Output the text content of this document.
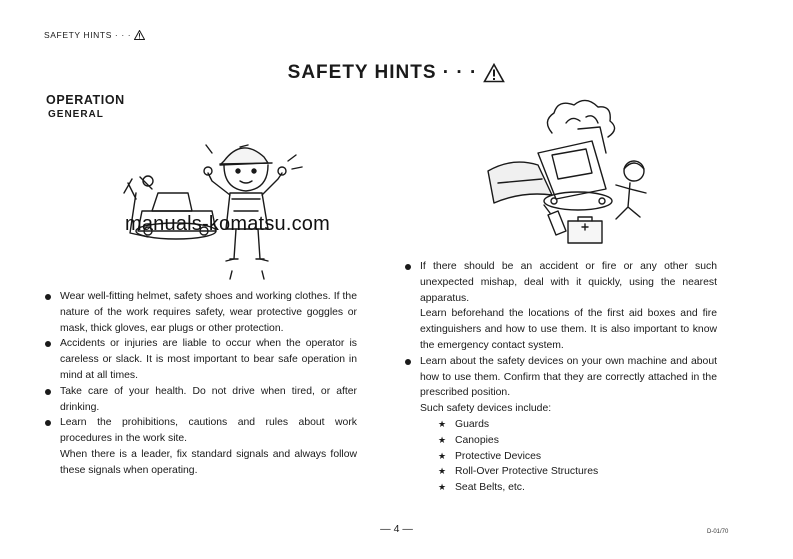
SAFETY HINTS · · ·
SAFETY HINTS · · ·
OPERATION
GENERAL
manuals-komatsu.com
Wear well-fitting helmet, safety shoes and working clothes. If the nature of the work requires safety, wear protective goggles or mask, thick gloves, ear plugs or other protection.
Accidents or injuries are liable to occur when the operator is careless or slack. It is most important to bear safe operation in mind at all times.
Take care of your health. Do not drive when tired, or after drinking.
Learn the prohibitions, cautions and rules about work procedures in the work site.
When there is a leader, fix standard signals and always follow these signals when operating.
If there should be an accident or fire or any other such unexpected mishap, deal with it quickly, using the nearest apparatus.
Learn beforehand the locations of the first aid boxes and fire extinguishers and how to use them. It is also important to know the emergency contact system.
Learn about the safety devices on your own machine and about how to use them. Confirm that they are correctly attached in the prescribed position.
Such safety devices include:
★ Guards
★ Canopies
★ Protective Devices
★ Roll-Over Protective Structures
★ Seat Belts, etc.
— 4 —	D-01/70
